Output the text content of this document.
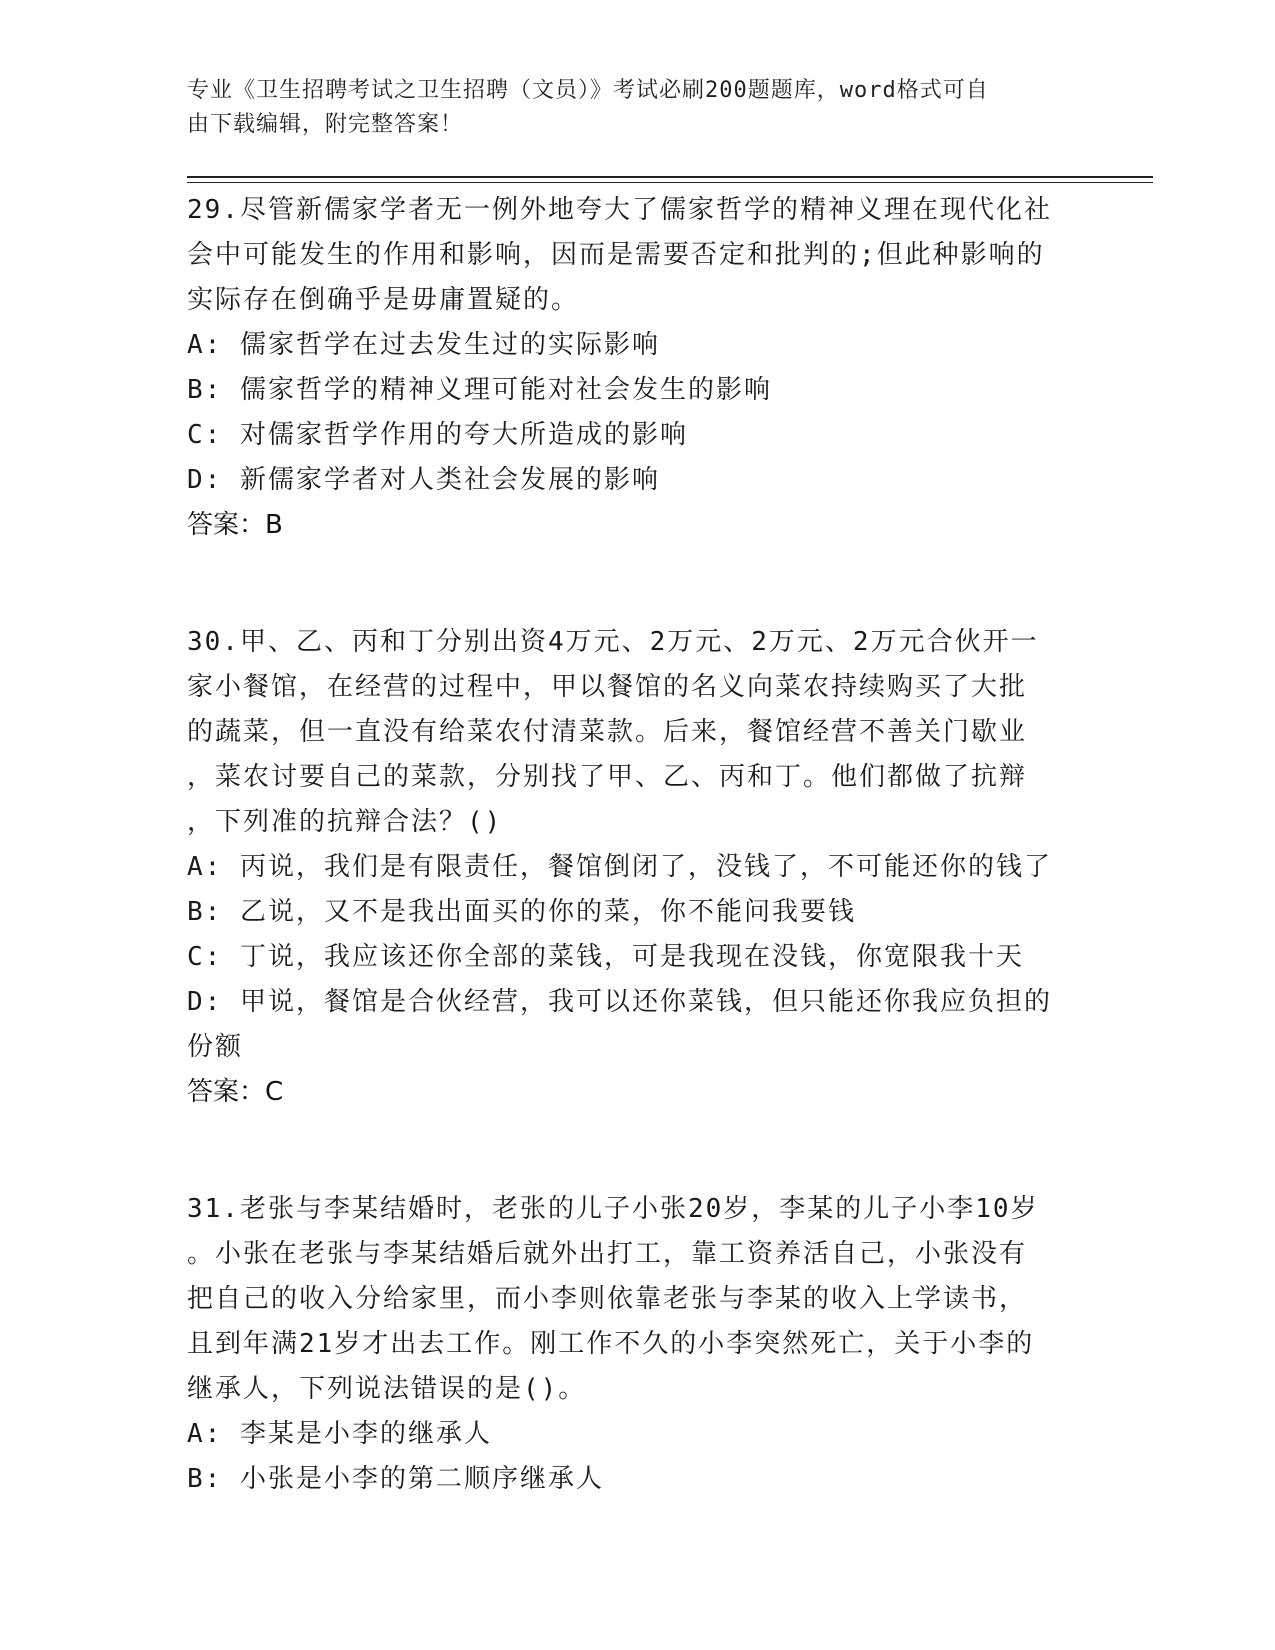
专业《卫生招聘考试之卫生招聘（文员）》考试必刷200题题库，word格式可自
由下载编辑，附完整答案！

29.尽管新儒家学者无一例外地夸大了儒家哲学的精神义理在现代化社

会中可能发生的作用和影响，因而是需要否定和批判的;但此种影响的

实际存在倒确乎是毋庸置疑的。

A: 儒家哲学在过去发生过的实际影响

B: 儒家哲学的精神义理可能对社会发生的影响

C: 对儒家哲学作用的夸大所造成的影响

D: 新儒家学者对人类社会发展的影响

答案：B

30.甲、乙、丙和丁分别出资4万元、2万元、2万元、2万元合伙开一

家小餐馆，在经营的过程中，甲以餐馆的名义向菜农持续购买了大批

的蔬菜，但一直没有给菜农付清菜款。后来，餐馆经营不善关门歇业

，菜农讨要自己的菜款，分别找了甲、乙、丙和丁。他们都做了抗辩

，下列准的抗辩合法？()

A: 丙说，我们是有限责任，餐馆倒闭了，没钱了，不可能还你的钱了

B: 乙说，又不是我出面买的你的菜，你不能问我要钱

C: 丁说，我应该还你全部的菜钱，可是我现在没钱，你宽限我十天

D: 甲说，餐馆是合伙经营，我可以还你菜钱，但只能还你我应负担的

份额

答案：C

31.老张与李某结婚时，老张的儿子小张20岁，李某的儿子小李10岁

。小张在老张与李某结婚后就外出打工，靠工资养活自己，小张没有

把自己的收入分给家里，而小李则依靠老张与李某的收入上学读书，

且到年满21岁才出去工作。刚工作不久的小李突然死亡，关于小李的

继承人，下列说法错误的是()。

A: 李某是小李的继承人

B: 小张是小李的第二顺序继承人
